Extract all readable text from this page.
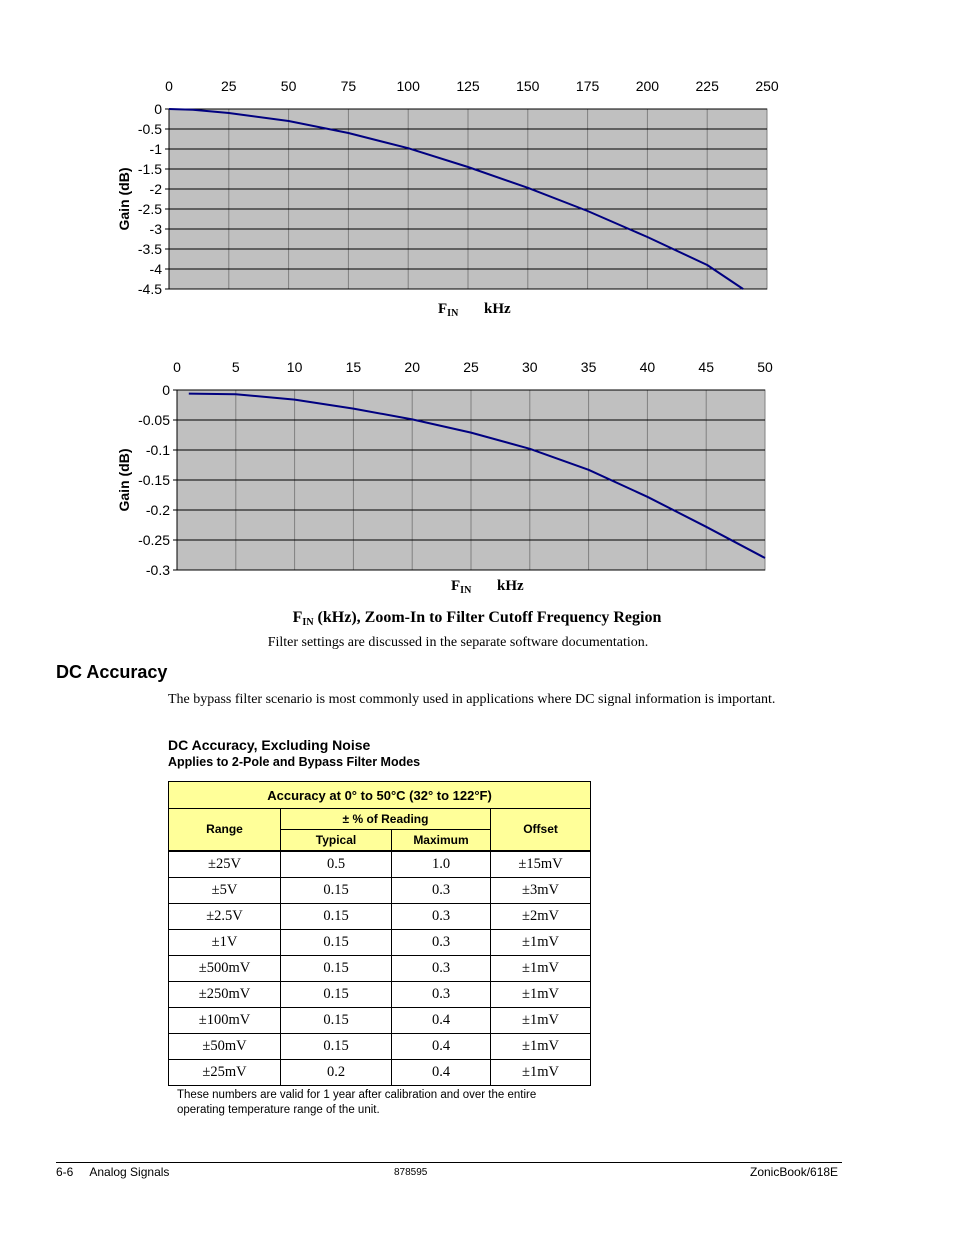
0	25	50	75	100	125	150	175	200	225	250
0
-0.5
-1
-1.5
-2
-2.5
-3
-3.5
-4
-4.5
Gain (dB)
$F_{IN}$ kHz
0	5	10	15	20	25	30	35	40	45	50
0
-0.05
-0.1
-0.15
-0.2
-0.25
-0.3
Gain (dB)
$F_{IN}$ kHz
$F_{IN}$ (kHz), Zoom-In to Filter Cutoff Frequency Region
Filter settings are discussed in the separate software documentation.
DC Accuracy
The bypass filter scenario is most commonly used in applications where DC signal information is important.
DC Accuracy, Excluding Noise
Applies to 2-Pole and Bypass Filter Modes
Accuracy at 0° to 50°C (32° to 122°F)			
Range	± % of Reading		Offset
	Typical	Maximum	
±25V	0.5	1.0	±15mV
±5V	0.15	0.3	±3mV
±2.5V	0.15	0.3	±2mV
±1V	0.15	0.3	±1mV
±500mV	0.15	0.3	±1mV
±250mV	0.15	0.3	±1mV
±100mV	0.15	0.4	±1mV
±50mV	0.15	0.4	±1mV
±25mV	0.2	0.4	±1mV
These numbers are valid for 1 year after calibration and over the entire operating temperature range of the unit.
6-6     Analog Signals	878595	ZonicBook/618E
